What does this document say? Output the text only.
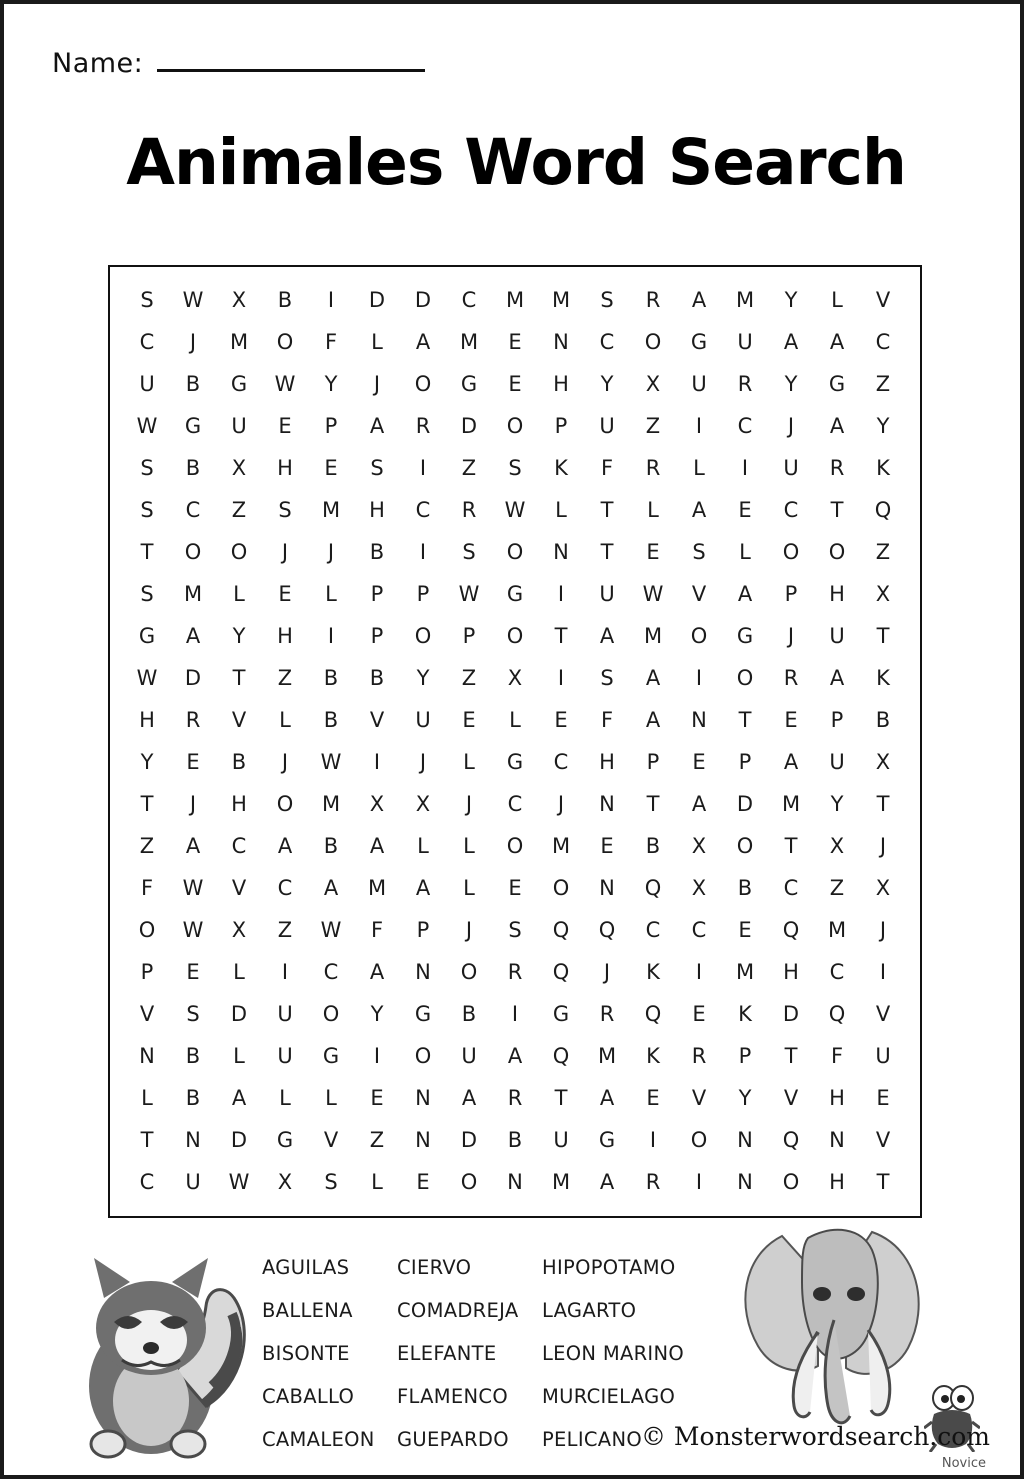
Name:
Animales Word Search
S W X B I D D C M M S R A M Y L V
C J M O F L A M E N C O G U A A C
U B G W Y J O G E H Y X U R Y G Z
W G U E P A R D O P U Z I C J A Y
S B X H E S I Z S K F R L I U R K
S C Z S M H C R W L T L A E C T Q
T O O J J B I S O N T E S L O O Z
S M L E L P P W G I U W V A P H X
G A Y H I P O P O T A M O G J U T
W D T Z B B Y Z X I S A I O R A K
H R V L B V U E L E F A N T E P B
Y E B J W I J L G C H P E P A U X
T J H O M X X J C J N T A D M Y T
Z A C A B A L L O M E B X O T X J
F W V C A M A L E O N Q X B C Z X
O W X Z W F P J S Q Q C C E Q M J
P E L I C A N O R Q J K I M H C I
V S D U O Y G B I G R Q E K D Q V
N B L U G I O U A Q M K R P T F U
L B A L L E N A R T A E V Y V H E
T N D G V Z N D B U G I O N Q N V
C U W X S L E O N M A R I N O H T
AGUILAS	CIERVO	HIPOPOTAMO
BALLENA	COMADREJA	LAGARTO
BISONTE	ELEFANTE	LEON MARINO
CABALLO	FLAMENCO	MURCIELAGO
CAMALEON	GUEPARDO	PELICANO
© Monsterwordsearch.com
Novice
